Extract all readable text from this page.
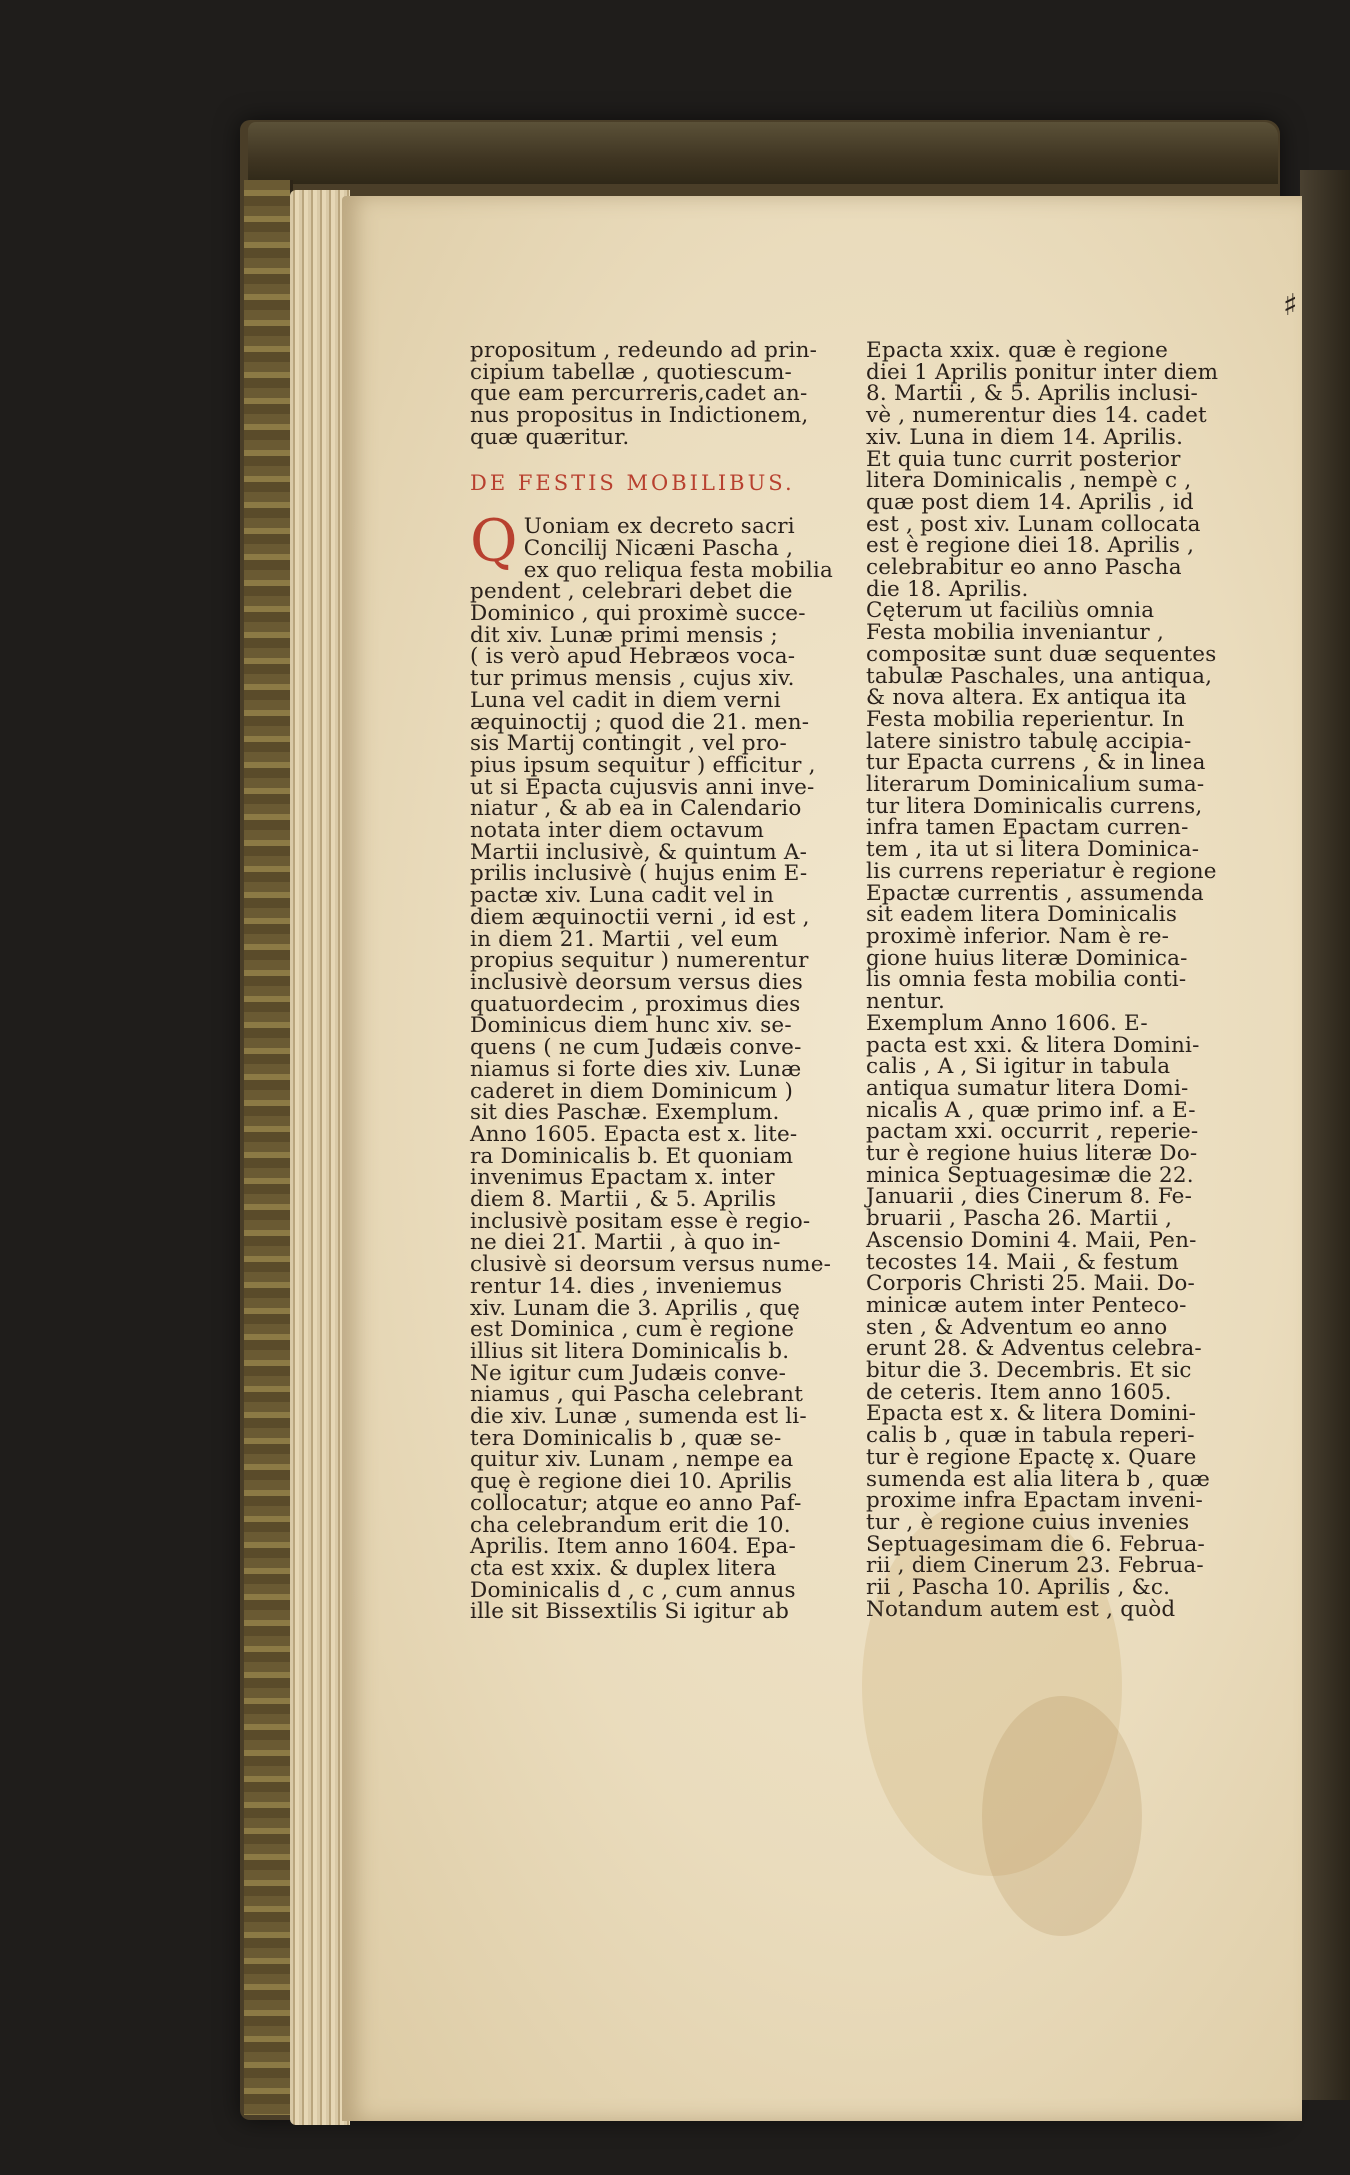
♯
propositum , redeundo ad prin-
cipium tabellæ , quotiescum-
que eam percurreris,cadet an-
nus propositus in Indictionem,
quæ quæritur.
DE FESTIS MOBILIBUS.
Q Uoniam ex decreto sacri
Concilij Nicæni Pascha ,
ex quo reliqua festa mobilia
pendent , celebrari debet die
Dominico , qui proximè succe-
dit xiv. Lunæ primi mensis ;
( is verò apud Hebræos voca-
tur primus mensis , cujus xiv.
Luna vel cadit in diem verni
æquinoctij ; quod die 21. men-
sis Martij contingit , vel pro-
pius ipsum sequitur ) efficitur ,
ut si Epacta cujusvis anni inve-
niatur , & ab ea in Calendario
notata inter diem octavum
Martii inclusivè, & quintum A-
prilis inclusivè ( hujus enim E-
pactæ xiv. Luna cadit vel in
diem æquinoctii verni , id est ,
in diem 21. Martii , vel eum
propius sequitur ) numerentur
inclusivè deorsum versus dies
quatuordecim , proximus dies
Dominicus diem hunc xiv. se-
quens ( ne cum Judæis conve-
niamus si forte dies xiv. Lunæ
caderet in diem Dominicum )
sit dies Paschæ. Exemplum.
Anno 1605. Epacta est x. lite-
ra Dominicalis b. Et quoniam
invenimus Epactam x. inter
diem 8. Martii , & 5. Aprilis
inclusivè positam esse è regio-
ne diei 21. Martii , à quo in-
clusivè si deorsum versus nume-
rentur 14. dies , inveniemus
xiv. Lunam die 3. Aprilis , quę
est Dominica , cum è regione
illius sit litera Dominicalis b.
Ne igitur cum Judæis conve-
niamus , qui Pascha celebrant
die xiv. Lunæ , sumenda est li-
tera Dominicalis b , quæ se-
quitur xiv. Lunam , nempe ea
quę è regione diei 10. Aprilis
collocatur; atque eo anno Paf-
cha celebrandum erit die 10.
Aprilis. Item anno 1604. Epa-
cta est xxix. & duplex litera
Dominicalis d , c , cum annus
ille sit Bissextilis Si igitur ab
Epacta xxix. quæ è regione
diei 1 Aprilis ponitur inter diem
8. Martii , & 5. Aprilis inclusi-
vè , numerentur dies 14. cadet
xiv. Luna in diem 14. Aprilis.
Et quia tunc currit posterior
litera Dominicalis , nempè c ,
quæ post diem 14. Aprilis , id
est , post xiv. Lunam collocata
est è regione diei 18. Aprilis ,
celebrabitur eo anno Pascha
die 18. Aprilis.
Cęterum ut faciliùs omnia
Festa mobilia inveniantur ,
compositæ sunt duæ sequentes
tabulæ Paschales, una antiqua,
& nova altera. Ex antiqua ita
Festa mobilia reperientur. In
latere sinistro tabulę accipia-
tur Epacta currens , & in linea
literarum Dominicalium suma-
tur litera Dominicalis currens,
infra tamen Epactam curren-
tem , ita ut si litera Dominica-
lis currens reperiatur è regione
Epactæ currentis , assumenda
sit eadem litera Dominicalis
proximè inferior. Nam è re-
gione huius literæ Dominica-
lis omnia festa mobilia conti-
nentur.
Exemplum Anno 1606. E-
pacta est xxi. & litera Domini-
calis , A , Si igitur in tabula
antiqua sumatur litera Domi-
nicalis A , quæ primo inf. a E-
pactam xxi. occurrit , reperie-
tur è regione huius literæ Do-
minica Septuagesimæ die 22.
Januarii , dies Cinerum 8. Fe-
bruarii , Pascha 26. Martii ,
Ascensio Domini 4. Maii, Pen-
tecostes 14. Maii , & festum
Corporis Christi 25. Maii. Do-
minicæ autem inter Penteco-
sten , & Adventum eo anno
erunt 28. & Adventus celebra-
bitur die 3. Decembris. Et sic
de ceteris. Item anno 1605.
Epacta est x. & litera Domini-
calis b , quæ in tabula reperi-
tur è regione Epactę x. Quare
sumenda est alia litera b , quæ
proxime infra Epactam inveni-
tur , è regione cuius invenies
Septuagesimam die 6. Februa-
rii , diem Cinerum 23. Februa-
rii , Pascha 10. Aprilis , &c.
Notandum autem est , quòd
